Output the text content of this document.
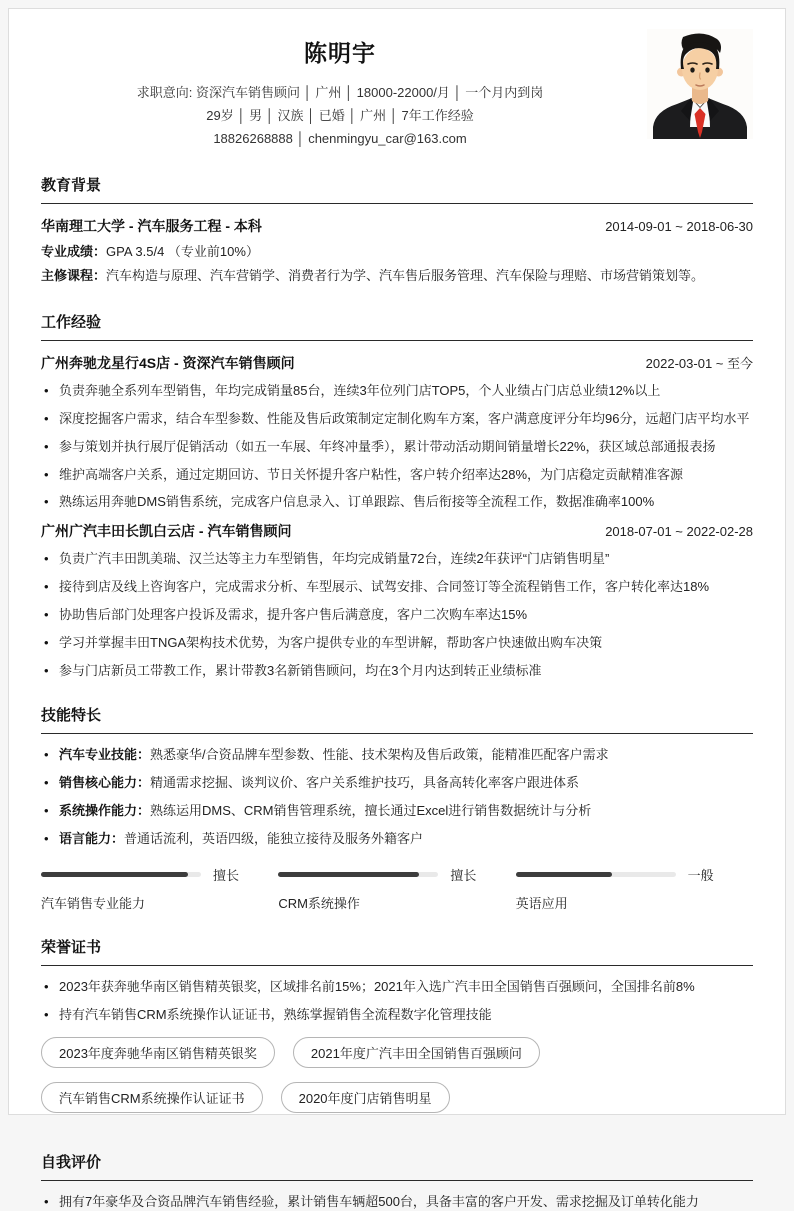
陈明宇
求职意向: 资深汽车销售顾问 │ 广州 │ 18000-22000/月 │ 一个月内到岗
29岁 │ 男 │ 汉族 │ 已婚 │ 广州 │ 7年工作经验
18826268888 │ chenmingyu_car@163.com
教育背景
华南理工大学 - 汽车服务工程 - 本科	2014-09-01 ~ 2018-06-30
专业成绩：GPA 3.5/4 （专业前10%）
主修课程：汽车构造与原理、汽车营销学、消费者行为学、汽车售后服务管理、汽车保险与理赔、市场营销策划等。
工作经验
广州奔驰龙星行4S店 - 资深汽车销售顾问	2022-03-01 ~ 至今
• 负责奔驰全系列车型销售，年均完成销量85台，连续3年位列门店TOP5，个人业绩占门店总业绩12%以上
• 深度挖掘客户需求，结合车型参数、性能及售后政策制定定制化购车方案，客户满意度评分年均96分，远超门店平均水平
• 参与策划并执行展厅促销活动（如五一车展、年终冲量季），累计带动活动期间销量增长22%，获区域总部通报表扬
• 维护高端客户关系，通过定期回访、节日关怀提升客户粘性，客户转介绍率达28%，为门店稳定贡献精准客源
• 熟练运用奔驰DMS销售系统，完成客户信息录入、订单跟踪、售后衔接等全流程工作，数据准确率100%
广州广汽丰田长凯白云店 - 汽车销售顾问	2018-07-01 ~ 2022-02-28
• 负责广汽丰田凯美瑞、汉兰达等主力车型销售，年均完成销量72台，连续2年获评“门店销售明星”
• 接待到店及线上咨询客户，完成需求分析、车型展示、试驾安排、合同签订等全流程销售工作，客户转化率达18%
• 协助售后部门处理客户投诉及需求，提升客户售后满意度，客户二次购车率达15%
• 学习并掌握丰田TNGA架构技术优势，为客户提供专业的车型讲解，帮助客户快速做出购车决策
• 参与门店新员工带教工作，累计带教3名新销售顾问，均在3个月内达到转正业绩标准
技能特长
• 汽车专业技能：熟悉豪华/合资品牌车型参数、性能、技术架构及售后政策，能精准匹配客户需求
• 销售核心能力：精通需求挖掘、谈判议价、客户关系维护技巧，具备高转化率客户跟进体系
• 系统操作能力：熟练运用DMS、CRM销售管理系统，擅长通过Excel进行销售数据统计与分析
• 语言能力：普通话流利，英语四级，能独立接待及服务外籍客户
擅长
汽车销售专业能力
擅长
CRM系统操作
一般
英语应用
荣誉证书
• 2023年获奔驰华南区销售精英银奖，区域排名前15%；2021年入选广汽丰田全国销售百强顾问，全国排名前8%
• 持有汽车销售CRM系统操作认证证书，熟练掌握销售全流程数字化管理技能
2023年度奔驰华南区销售精英银奖	2021年度广汽丰田全国销售百强顾问
汽车销售CRM系统操作认证证书	2020年度门店销售明星
自我评价
• 拥有7年豪华及合资品牌汽车销售经验，累计销售车辆超500台，具备丰富的客户开发、需求挖掘及订单转化能力
